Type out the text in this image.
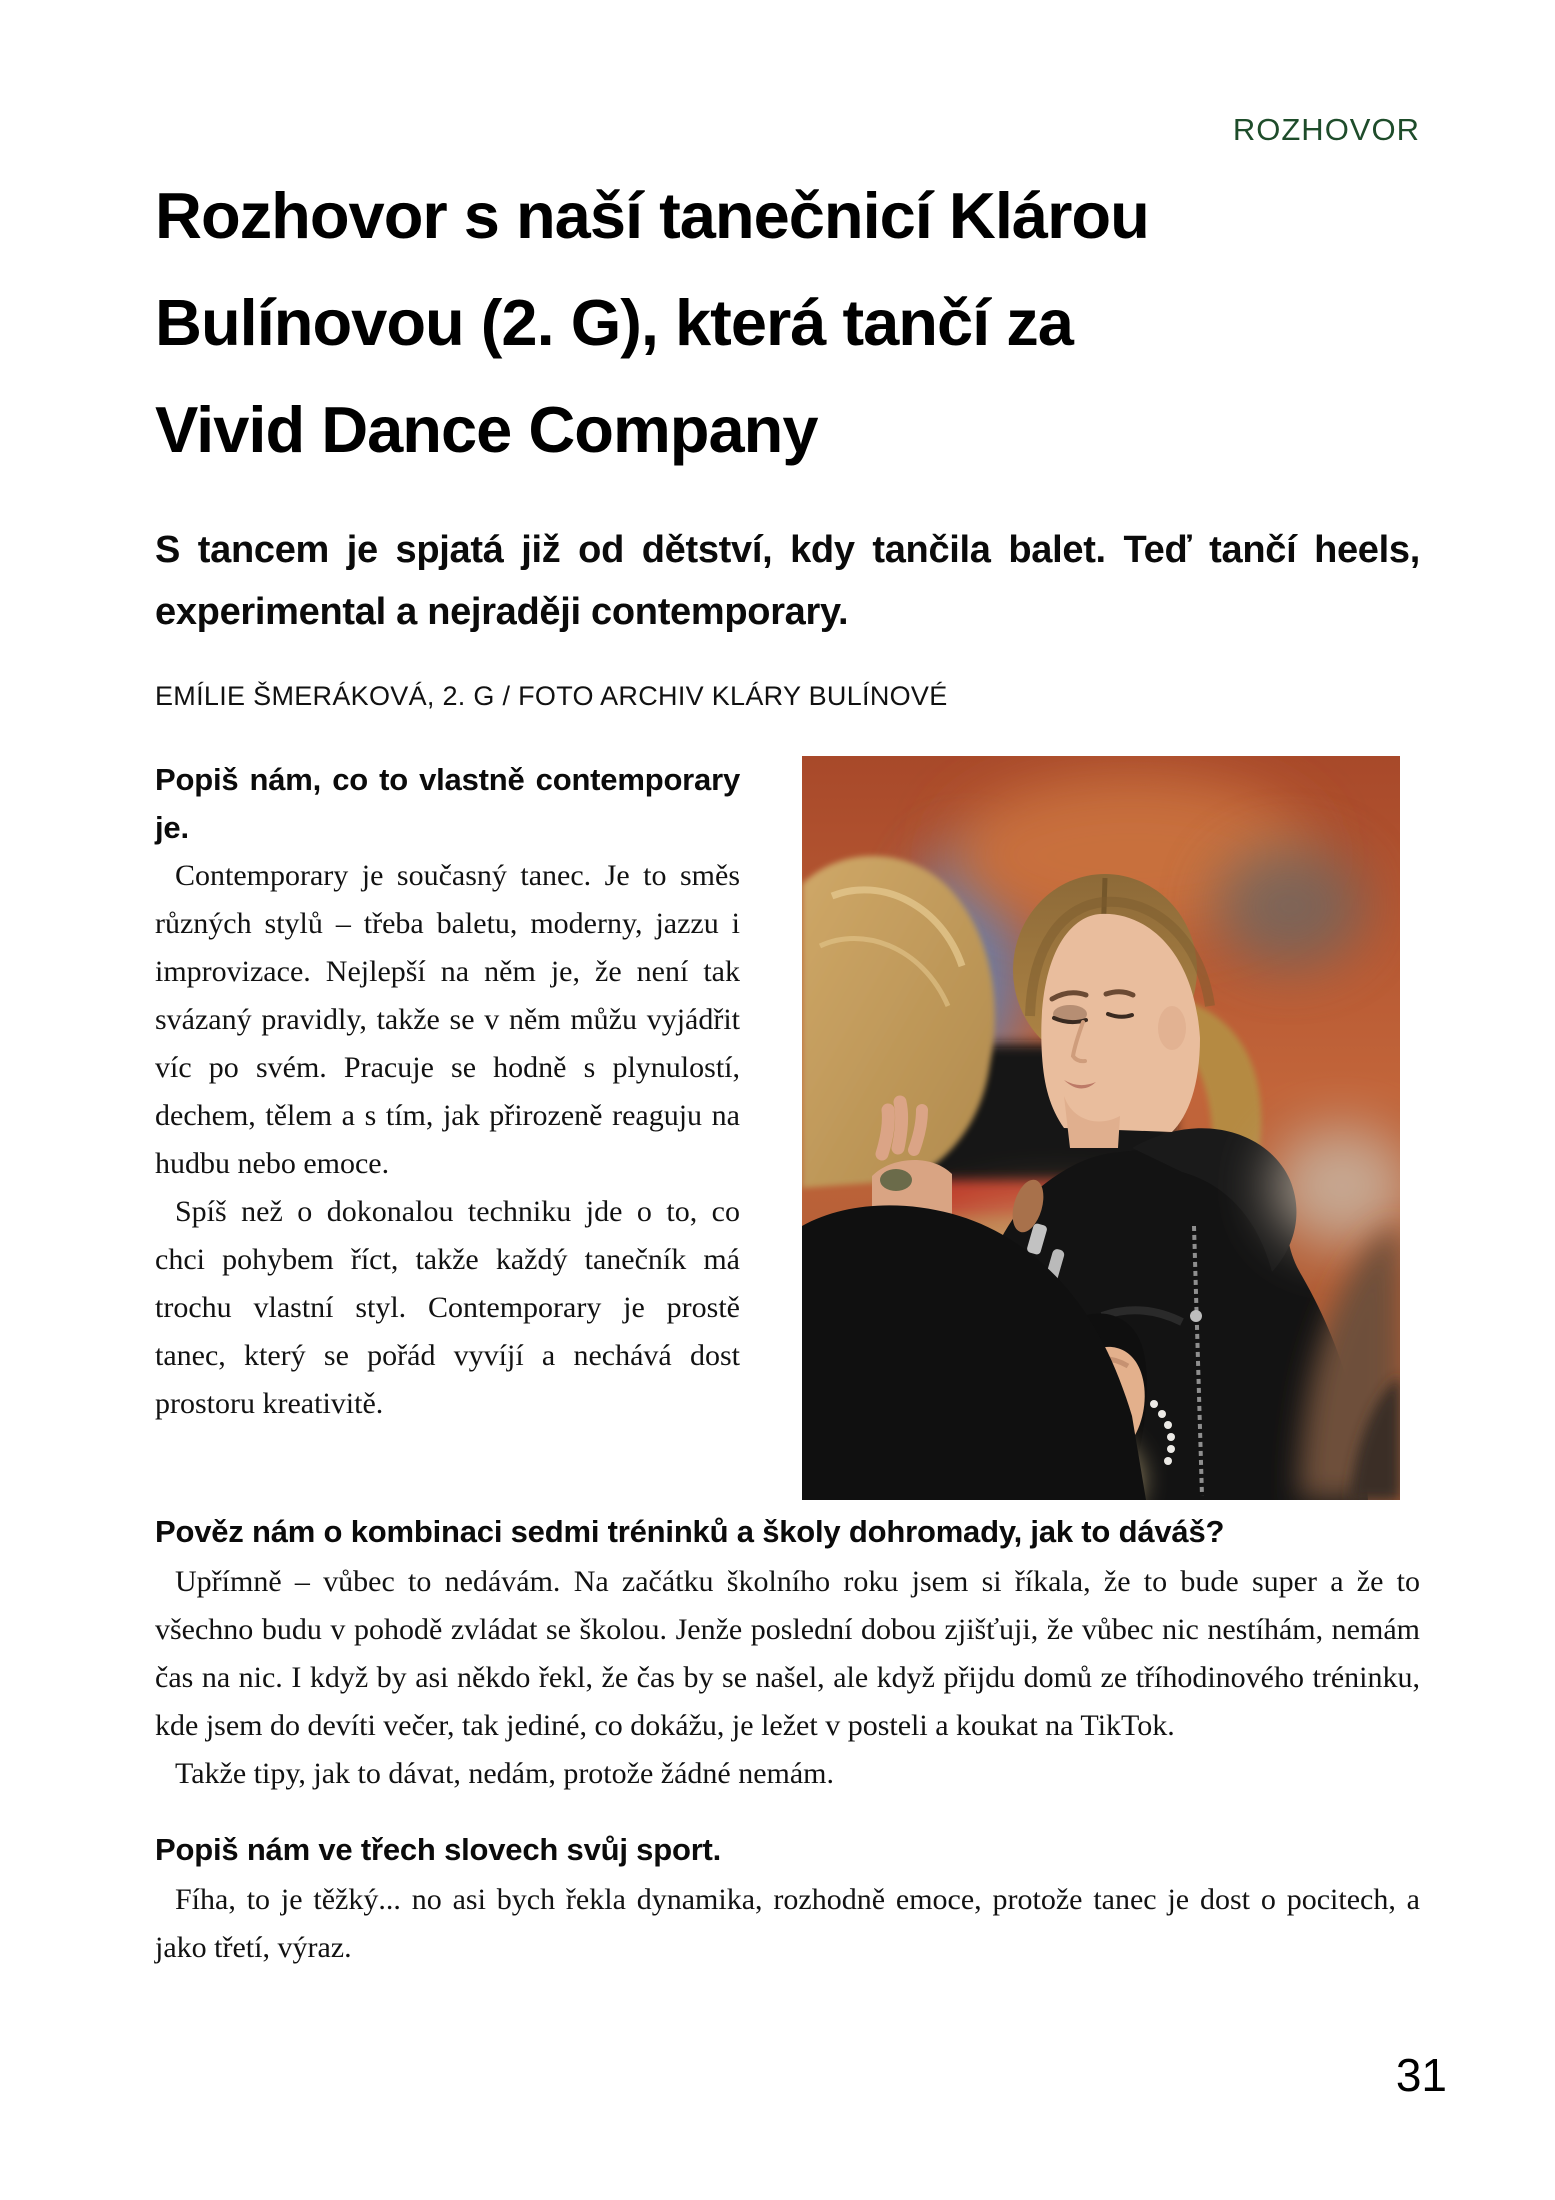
ROZHOVOR
Rozhovor s naší tanečnicí Klárou
Bulínovou (2. G), která tančí za
Vivid Dance Company

S tancem je spjatá již od dětství, kdy tančila balet. Teď tančí heels, experimental a nejraději contemporary.

EMÍLIE ŠMERÁKOVÁ, 2. G / FOTO ARCHIV KLÁRY BULÍNOVÉ

Popiš nám, co to vlastně contemporary je.

Contemporary je současný tanec. Je to směs různých stylů – třeba baletu, moderny, jazzu i improvizace. Nejlepší na něm je, že není tak svázaný pravidly, takže se v něm můžu vyjádřit víc po svém. Pracuje se hodně s plynulostí, dechem, tělem a s tím, jak přirozeně reaguju na hudbu nebo emoce.

Spíš než o dokonalou techniku jde o to, co chci pohybem říct, takže každý tanečník má trochu vlastní styl. Contemporary je prostě tanec, který se pořád vyvíjí a nechává dost prostoru kreativitě.

Pověz nám o kombinaci sedmi tréninků a školy dohromady, jak to dáváš?

Upřímně – vůbec to nedávám. Na začátku školního roku jsem si říkala, že to bude super a že to všechno budu v pohodě zvládat se školou. Jenže poslední dobou zjišťuji, že vůbec nic nestíhám, nemám čas na nic. I když by asi někdo řekl, že čas by se našel, ale když přijdu domů ze tříhodinového tréninku, kde jsem do devíti večer, tak jediné, co dokážu, je ležet v posteli a koukat na TikTok.

Takže tipy, jak to dávat, nedám, protože žádné nemám.

Popiš nám ve třech slovech svůj sport.

Fíha, to je těžký... no asi bych řekla dynamika, rozhodně emoce, protože tanec je dost o pocitech, a jako třetí, výraz.

31
